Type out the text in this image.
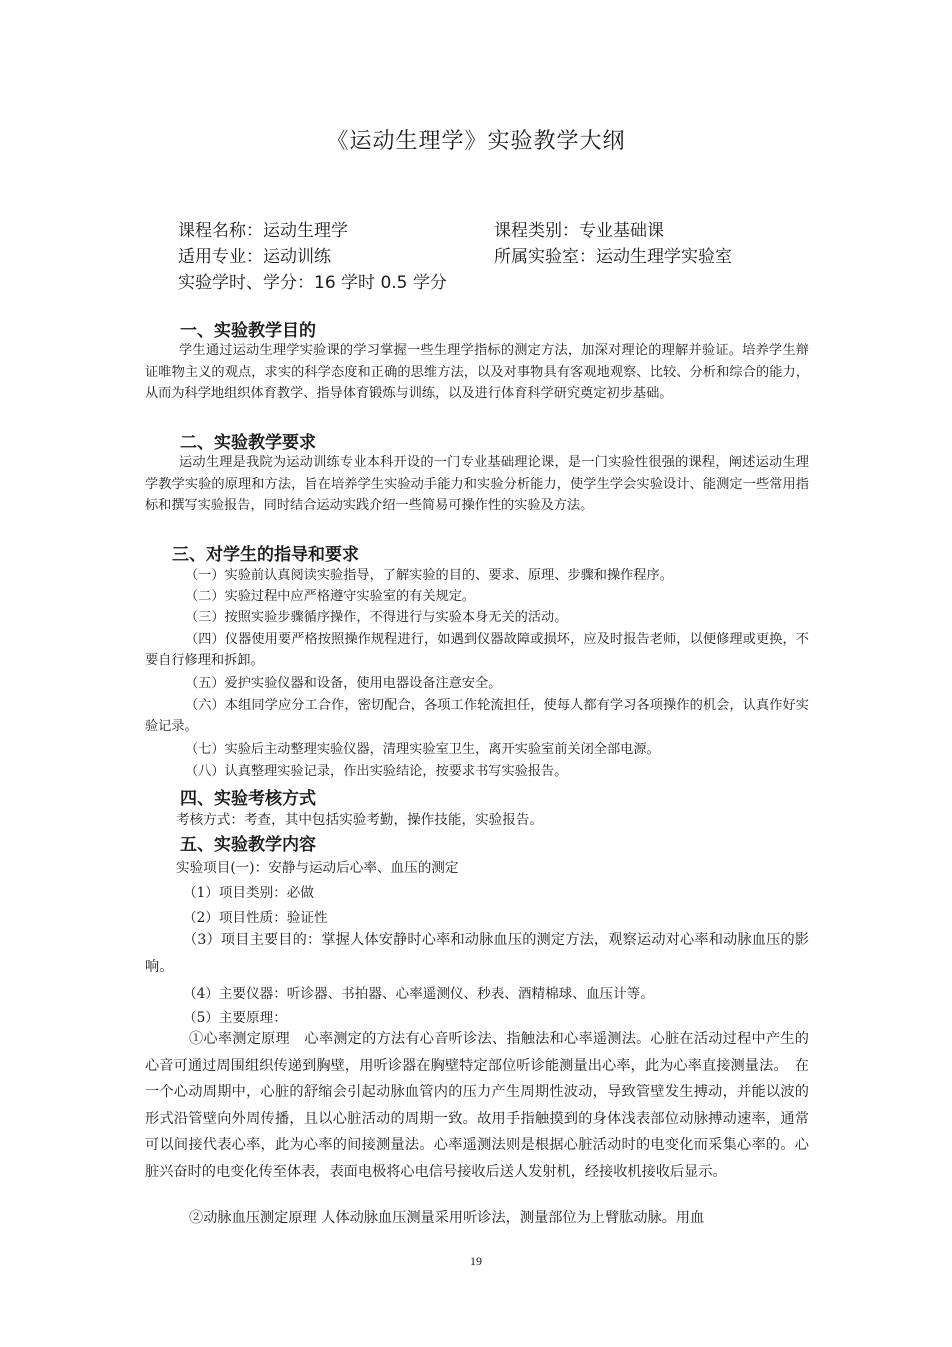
《运动生理学》实验教学大纲
课程名称：运动生理学	课程类别：专业基础课
适用专业：运动训练	所属实验室：运动生理学实验室
实验学时、学分：16 学时 0.5 学分
一、实验教学目的

学生通过运动生理学实验课的学习掌握一些生理学指标的测定方法，加深对理论的理解并验证。培养学生辩证唯物主义的观点，求实的科学态度和正确的思维方法，以及对事物具有客观地观察、比较、分析和综合的能力，从而为科学地组织体育教学、指导体育锻炼与训练，以及进行体育科学研究奠定初步基础。

二、实验教学要求

运动生理是我院为运动训练专业本科开设的一门专业基础理论课，是一门实验性很强的课程，阐述运动生理学教学实验的原理和方法，旨在培养学生实验动手能力和实验分析能力，使学生学会实验设计、能测定一些常用指标和撰写实验报告，同时结合运动实践介绍一些简易可操作性的实验及方法。

三、对学生的指导和要求

（一）实验前认真阅读实验指导，了解实验的目的、要求、原理、步骤和操作程序。

（二）实验过程中应严格遵守实验室的有关规定。

（三）按照实验步骤循序操作，不得进行与实验本身无关的活动。

（四）仪器使用要严格按照操作规程进行，如遇到仪器故障或损坏，应及时报告老师，以便修理或更换，不要自行修理和拆卸。

（五）爱护实验仪器和设备，使用电器设备注意安全。

（六）本组同学应分工合作，密切配合，各项工作轮流担任，使每人都有学习各项操作的机会，认真作好实验记录。

（七）实验后主动整理实验仪器，清理实验室卫生，离开实验室前关闭全部电源。

（八）认真整理实验记录，作出实验结论，按要求书写实验报告。

四、实验考核方式
考核方式：考查，其中包括实验考勤，操作技能，实验报告。
五、实验教学内容
实验项目(一)：安静与运动后心率、血压的测定
（1）项目类别：必做
（2）项目性质：验证性

（3）项目主要目的：掌握人体安静时心率和动脉血压的测定方法，观察运动对心率和动脉血压的影响。

（4）主要仪器：听诊器、书拍器、心率遥测仪、秒表、酒精棉球、血压计等。
（5）主要原理：

①心率测定原理　心率测定的方法有心音听诊法、指触法和心率遥测法。心脏在活动过程中产生的心音可通过周围组织传递到胸壁，用听诊器在胸壁特定部位听诊能测量出心率，此为心率直接测量法。　在一个心动周期中，心脏的舒缩会引起动脉血管内的压力产生周期性波动，导致管壁发生搏动，并能以波的形式沿管壁向外周传播，且以心脏活动的周期一致。故用手指触摸到的身体浅表部位动脉搏动速率，通常可以间接代表心率，此为心率的间接测量法。心率遥测法则是根据心脏活动时的电变化而采集心率的。心脏兴奋时的电变化传至体表，表面电极将心电信号接收后送人发射机，经接收机接收后显示。

②动脉血压测定原理 人体动脉血压测量采用听诊法，测量部位为上臂肱动脉。用血

19
